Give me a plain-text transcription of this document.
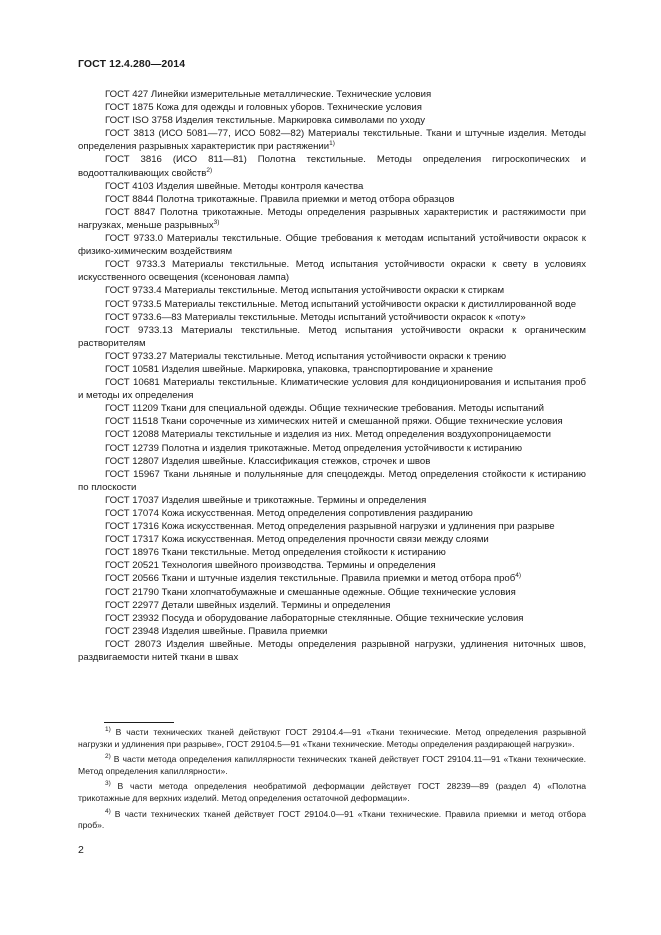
ГОСТ 12.4.280—2014

ГОСТ 427 Линейки измерительные металлические. Технические условия

ГОСТ 1875 Кожа для одежды и головных уборов. Технические условия

ГОСТ ISO 3758 Изделия текстильные. Маркировка символами по уходу

ГОСТ 3813 (ИСО 5081—77, ИСО 5082—82) Материалы текстильные. Ткани и штучные изделия. Методы определения разрывных характеристик при растяжении$^{1)}$

ГОСТ 3816 (ИСО 811—81) Полотна текстильные. Методы определения гигроскопических и водоотталкивающих свойств$^{2)}$

ГОСТ 4103 Изделия швейные. Методы контроля качества

ГОСТ 8844 Полотна трикотажные. Правила приемки и метод отбора образцов

ГОСТ 8847 Полотна трикотажные. Методы определения разрывных характеристик и растяжимости при нагрузках, меньше разрывных$^{3)}$

ГОСТ 9733.0 Материалы текстильные. Общие требования к методам испытаний устойчивости окрасок к физико-химическим воздействиям

ГОСТ 9733.3 Материалы текстильные. Метод испытания устойчивости окраски к свету в условиях искусственного освещения (ксеноновая лампа)

ГОСТ 9733.4 Материалы текстильные. Метод испытания устойчивости окраски к стиркам

ГОСТ 9733.5 Материалы текстильные. Метод испытаний устойчивости окраски к дистиллированной воде

ГОСТ 9733.6—83 Материалы текстильные. Методы испытаний устойчивости окрасок к «поту»

ГОСТ 9733.13 Материалы текстильные. Метод испытания устойчивости окраски к органическим растворителям

ГОСТ 9733.27 Материалы текстильные. Метод испытания устойчивости окраски к трению

ГОСТ 10581 Изделия швейные. Маркировка, упаковка, транспортирование и хранение

ГОСТ 10681 Материалы текстильные. Климатические условия для кондиционирования и испытания проб и методы их определения

ГОСТ 11209 Ткани для специальной одежды. Общие технические требования. Методы испытаний

ГОСТ 11518 Ткани сорочечные из химических нитей и смешанной пряжи. Общие технические условия

ГОСТ 12088 Материалы текстильные и изделия из них. Метод определения воздухопроницаемости

ГОСТ 12739 Полотна и изделия трикотажные. Метод определения устойчивости к истиранию

ГОСТ 12807 Изделия швейные. Классификация стежков, строчек и швов

ГОСТ 15967 Ткани льняные и полульняные для спецодежды. Метод определения стойкости к истиранию по плоскости

ГОСТ 17037 Изделия швейные и трикотажные. Термины и определения

ГОСТ 17074 Кожа искусственная. Метод определения сопротивления раздиранию

ГОСТ 17316 Кожа искусственная. Метод определения разрывной нагрузки и удлинения при разрыве

ГОСТ 17317 Кожа искусственная. Метод определения прочности связи между слоями

ГОСТ 18976 Ткани текстильные. Метод определения стойкости к истиранию

ГОСТ 20521 Технология швейного производства. Термины и определения

ГОСТ 20566 Ткани и штучные изделия текстильные. Правила приемки и метод отбора проб$^{4)}$

ГОСТ 21790 Ткани хлопчатобумажные и смешанные одежные. Общие технические условия

ГОСТ 22977 Детали швейных изделий. Термины и определения

ГОСТ 23932 Посуда и оборудование лабораторные стеклянные. Общие технические условия

ГОСТ 23948 Изделия швейные. Правила приемки

ГОСТ 28073 Изделия швейные. Методы определения разрывной нагрузки, удлинения ниточных швов, раздвигаемости нитей ткани в швах

$^{1)}$ В части технических тканей действуют ГОСТ 29104.4—91 «Ткани технические. Метод определения разрывной нагрузки и удлинения при разрыве», ГОСТ 29104.5—91 «Ткани технические. Методы определения раздирающей нагрузки».

$^{2)}$ В части метода определения капиллярности технических тканей действует ГОСТ 29104.11—91 «Ткани технические. Метод определения капиллярности».

$^{3)}$ В части метода определения необратимой деформации действует ГОСТ 28239—89 (раздел 4) «Полотна трикотажные для верхних изделий. Метод определения остаточной деформации».

$^{4)}$ В части технических тканей действует ГОСТ 29104.0—91 «Ткани технические. Правила приемки и метод отбора проб».

2
